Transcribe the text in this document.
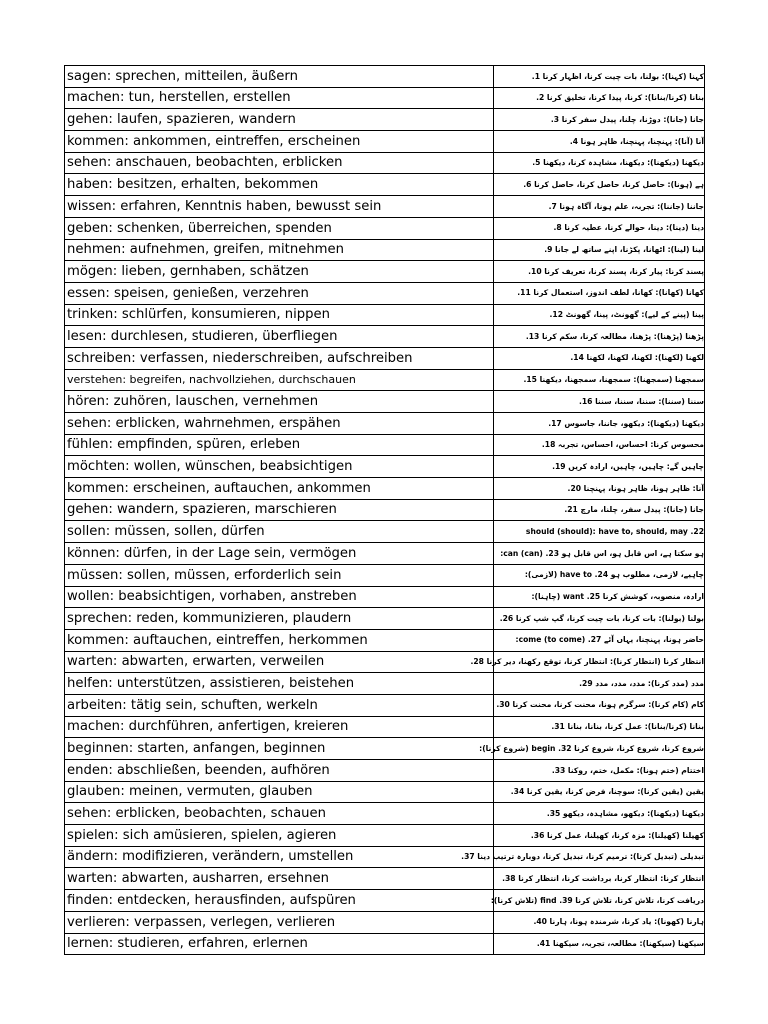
sagen: sprechen, mitteilen, äußern	کہنا (کہنا): بولنا، بات چیت کرنا، اظہار کرنا 1.
machen: tun, herstellen, erstellen	بنانا (کرنا/بنانا): کرنا، پیدا کرنا، تخلیق کرنا 2.
gehen: laufen, spazieren, wandern	جانا (جانا): دوڑنا، چلنا، پیدل سفر کرنا 3.
kommen: ankommen, eintreffen, erscheinen	آنا (آنا): پہنچنا، پہنچنا، ظاہر ہونا 4.
sehen: anschauen, beobachten, erblicken	دیکھنا (دیکھنا): دیکھنا، مشاہدہ کرنا، دیکھنا 5.
haben: besitzen, erhalten, bekommen	ہے (ہونا): حاصل کرنا، حاصل کرنا، حاصل کرنا 6.
wissen: erfahren, Kenntnis haben, bewusst sein	جاننا (جاننا): تجربہ، علم ہونا، آگاہ ہونا 7.
geben: schenken, überreichen, spenden	دینا (دینا): دینا، حوالے کرنا، عطیہ کرنا 8.
nehmen: aufnehmen, greifen, mitnehmen	لینا (لینا): اٹھانا، پکڑنا، اپنے ساتھ لے جانا 9.
mögen: lieben, gernhaben, schätzen	پسند کرنا: پیار کرنا، پسند کرنا، تعریف کرنا 10.
essen: speisen, genießen, verzehren	کھانا (کھانا): کھانا، لطف اندوز، استعمال کرنا 11.
trinken: schlürfen, konsumieren, nippen	پینا (پینے کے لیے): گھونٹ، پینا، گھونٹ 12.
lesen: durchlesen, studieren, überfliegen	پڑھنا (پڑھنا): پڑھنا، مطالعہ کرنا، سکم کرنا 13.
schreiben: verfassen, niederschreiben, aufschreiben	لکھنا (لکھنا): لکھنا، لکھنا، لکھنا 14.
verstehen: begreifen, nachvollziehen, durchschauen	سمجھنا (سمجھنا): سمجھنا، سمجھنا، دیکھنا 15.
hören: zuhören, lauschen, vernehmen	سننا (سننا): سننا، سننا، سننا 16.
sehen: erblicken, wahrnehmen, erspähen	دیکھنا (دیکھنا): دیکھو، جاننا، جاسوس 17.
fühlen: empfinden, spüren, erleben	محسوس کرنا: احساس، احساس، تجربہ 18.
möchten: wollen, wünschen, beabsichtigen	چاہیں گے: چاہیں، چاہیں، ارادہ کریں 19.
kommen: erscheinen, auftauchen, ankommen	آنا: ظاہر ہونا، ظاہر ہونا، پہنچنا 20.
gehen: wandern, spazieren, marschieren	جانا (جانا): پیدل سفر، چلنا، مارچ 21.
sollen: müssen, sollen, dürfen	22. should (should): have to, should, may
können: dürfen, in der Lage sein, vermögen	ہو سکتا ہے، اس قابل ہو، اس قابل ہو 23. can (can):
müssen: sollen, müssen, erforderlich sein	چاہیے، لازمی، مطلوب ہو 24. have to (لازمی):
wollen: beabsichtigen, vorhaben, anstreben	ارادہ، منصوبہ، کوشش کرنا 25. want (چاہنا):
sprechen: reden, kommunizieren, plaudern	بولنا (بولنا): بات کرنا، بات چیت کرنا، گپ شپ کرنا 26.
kommen: auftauchen, eintreffen, herkommen	حاضر ہونا، پہنچنا، یہاں آئے 27. come (to come):
warten: abwarten, erwarten, verweilen	انتظار کرنا (انتظار کرنا): انتظار کرنا، توقع رکھنا، دیر کرنا 28.
helfen: unterstützen, assistieren, beistehen	مدد (مدد کرنا): مدد، مدد، مدد 29.
arbeiten: tätig sein, schuften, werkeln	کام (کام کرنا): سرگرم ہونا، محنت کرنا، محنت کرنا 30.
machen: durchführen, anfertigen, kreieren	بنانا (کرنا/بنانا): عمل کرنا، بنانا، بنانا 31.
beginnen: starten, anfangen, beginnen	شروع کرنا، شروع کرنا، شروع کرنا 32. begin (شروع کرنا):
enden: abschließen, beenden, aufhören	اختتام (ختم ہونا): مکمل، ختم، روکنا 33.
glauben: meinen, vermuten, glauben	یقین (یقین کرنا): سوچنا، فرض کرنا، یقین کرنا 34.
sehen: erblicken, beobachten, schauen	دیکھنا (دیکھنا): دیکھو، مشاہدہ، دیکھو 35.
spielen: sich amüsieren, spielen, agieren	کھیلنا (کھیلنا): مزہ کرنا، کھیلنا، عمل کرنا 36.
ändern: modifizieren, verändern, umstellen	تبدیلی (تبدیل کرنا): ترمیم کرنا، تبدیل کرنا، دوبارہ ترتیب دینا 37.
warten: abwarten, ausharren, ersehnen	انتظار کرنا: انتظار کرنا، برداشت کرنا، انتظار کرنا 38.
finden: entdecken, herausfinden, aufspüren	دریافت کرنا، تلاش کرنا، تلاش کرنا 39. find (تلاش کرنا):
verlieren: verpassen, verlegen, verlieren	ہارنا (کھونا): یاد کرنا، شرمندہ ہونا، ہارنا 40.
lernen: studieren, erfahren, erlernen	سیکھنا (سیکھنا): مطالعہ، تجربہ، سیکھنا 41.
